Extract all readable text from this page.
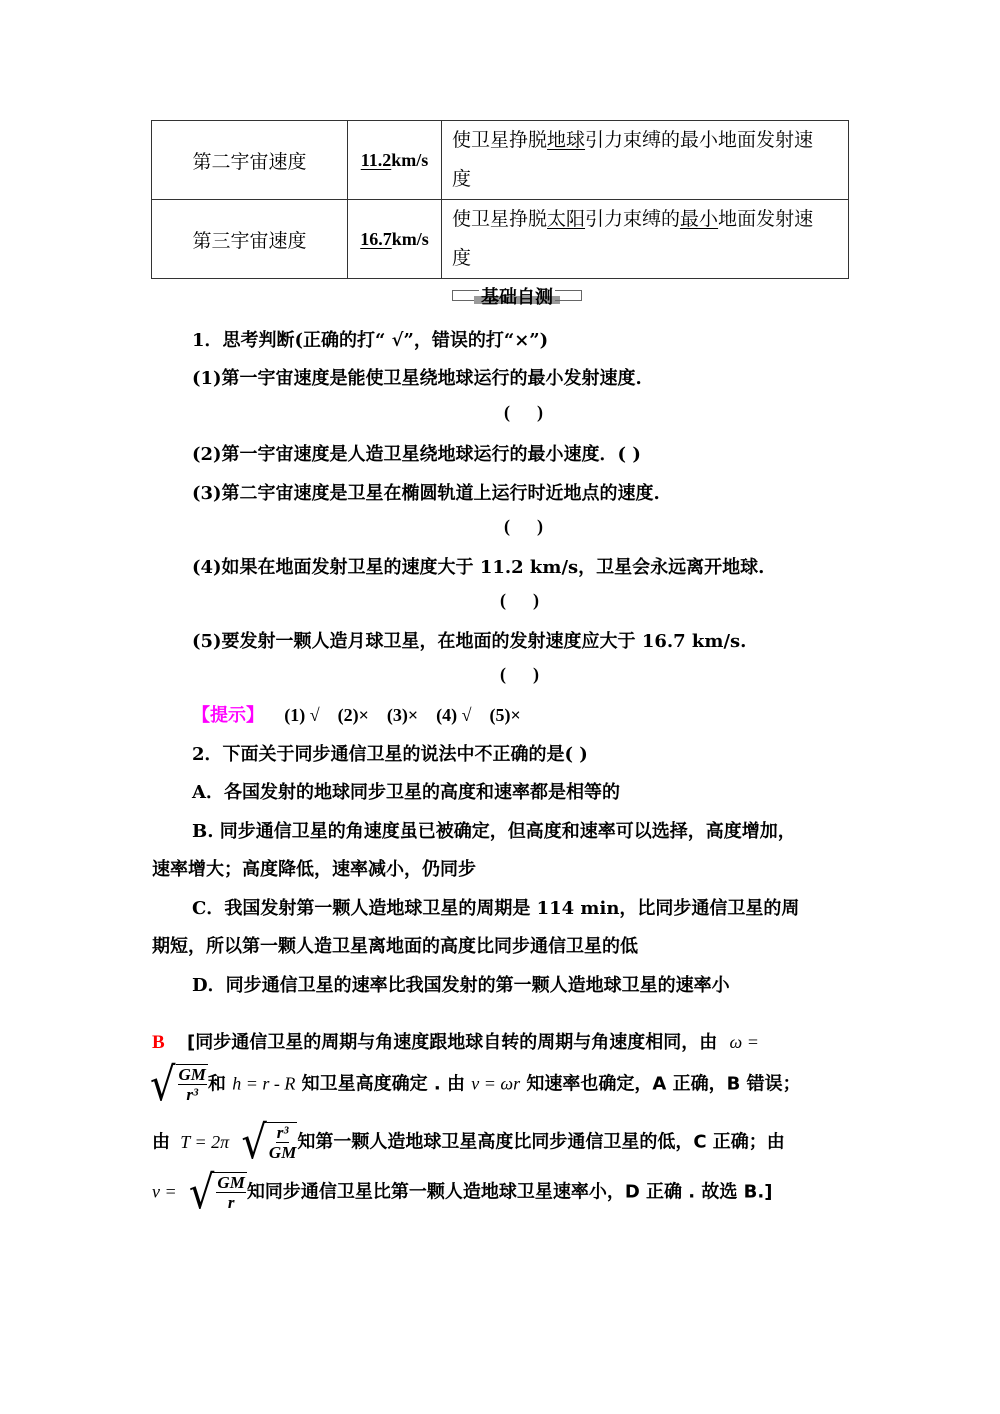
第二宇宙速度	11.2km/s	使卫星挣脱地球引力束缚的最小地面发射速
度
第三宇宙速度	16.7km/s	使卫星挣脱太阳引力束缚的最小地面发射速
度
基础自测
1．思考判断(正确的打“ √”，错误的打“×”)
(1)第一宇宙速度是能使卫星绕地球运行的最小发射速度.
(      )
(2)第一宇宙速度是人造卫星绕地球运行的最小速度．( )
(3)第二宇宙速度是卫星在椭圆轨道上运行时近地点的速度.
(      )
(4)如果在地面发射卫星的速度大于 11.2 km/s，卫星会永远离开地球.
(      )
(5)要发射一颗人造月球卫星，在地面的发射速度应大于 16.7 km/s.
(      )
【提示】 (1) √    (2)×    (3)×    (4) √    (5)×
2．下面关于同步通信卫星的说法中不正确的是( )
A．各国发射的地球同步卫星的高度和速率都是相等的
B. 同步通信卫星的角速度虽已被确定，但高度和速率可以选择，高度增加，
速率增大；高度降低，速率减小，仍同步
C．我国发射第一颗人造地球卫星的周期是 114 min，比同步通信卫星的周
期短，所以第一颗人造卫星离地面的高度比同步通信卫星的低
D．同步通信卫星的速率比我国发射的第一颗人造地球卫星的速率小
B [同步通信卫星的周期与角速度跟地球自转的周期与角速度相同，由 ω =
√ $\frac{GM}{\text{r³}}$ 和 h = r - R 知卫星高度确定 . 由 v = ωr 知速率也确定，A 正确，B 错误；
由 T = 2π √ $\frac{\text{r³}}{GM}$ 知第一颗人造地球卫星高度比同步通信卫星的低，C 正确；由
v = √ $\frac{GM}{r}$ 知同步通信卫星比第一颗人造地球卫星速率小，D 正确 . 故选 B.]
